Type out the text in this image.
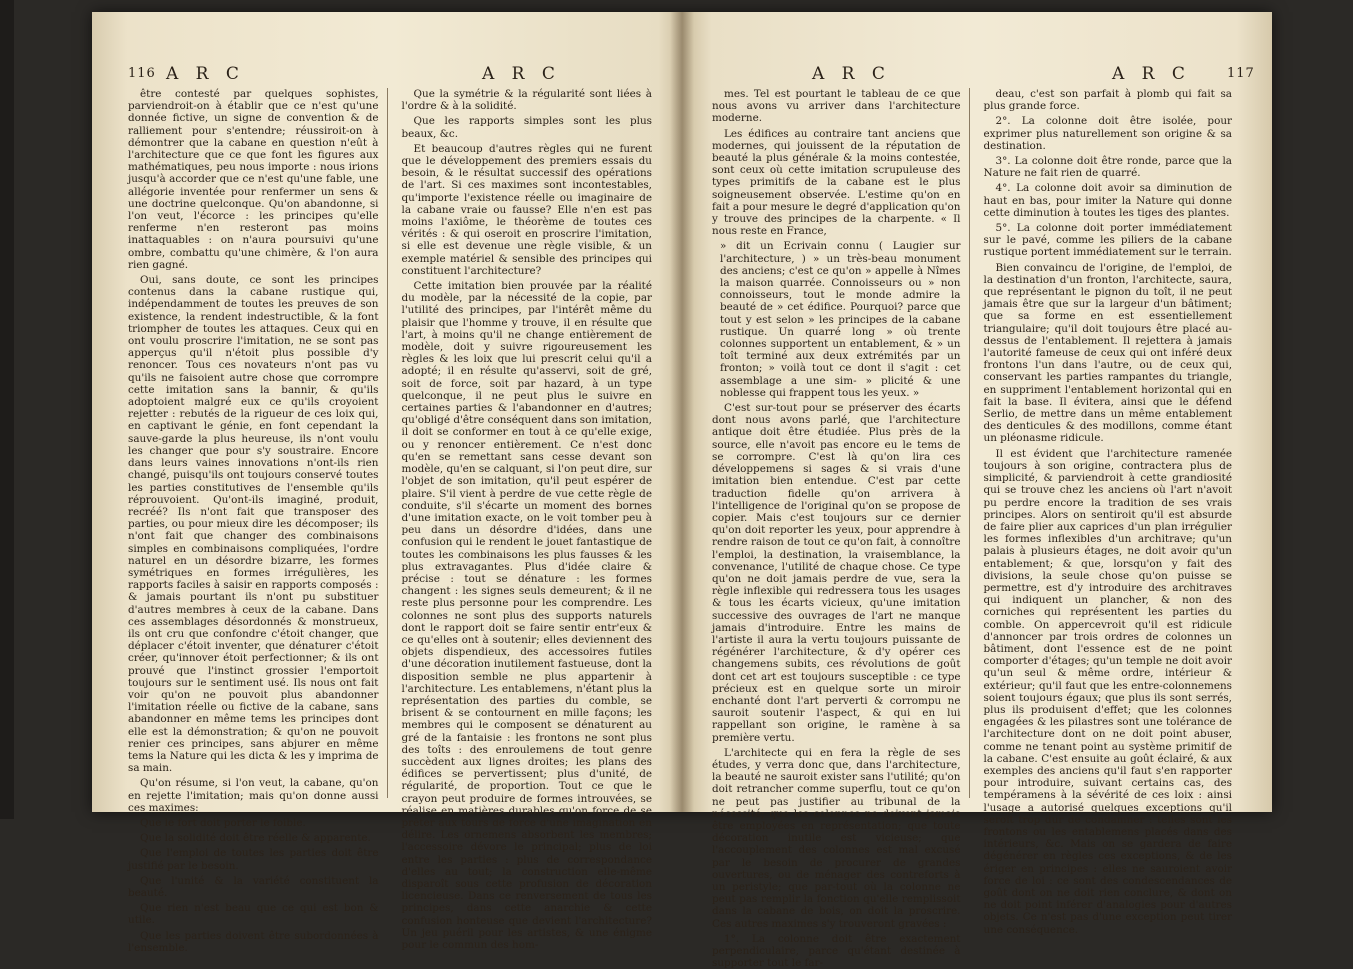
116 A R C	A R C

être contesté par quelques sophistes, parviendroit-on à établir que ce n'est qu'une donnée fictive, un signe de convention & de ralliement pour s'entendre; réussiroit-on à démontrer que la cabane en question n'eût à l'architecture que ce que font les figures aux mathématiques, peu nous importe : nous irions jusqu'à accorder que ce n'est qu'une fable, une allégorie inventée pour renfermer un sens & une doctrine quelconque. Qu'on abandonne, si l'on veut, l'écorce : les principes qu'elle renferme n'en resteront pas moins inattaquables : on n'aura poursuivi qu'une ombre, combattu qu'une chimère, & l'on aura rien gagné.

Oui, sans doute, ce sont les principes contenus dans la cabane rustique qui, indépendamment de toutes les preuves de son existence, la rendent indestructible, & la font triompher de toutes les attaques. Ceux qui en ont voulu proscrire l'imitation, ne se sont pas apperçus qu'il n'étoit plus possible d'y renoncer. Tous ces novateurs n'ont pas vu qu'ils ne faisoient autre chose que corrompre cette imitation sans la bannir, & qu'ils adoptoient malgré eux ce qu'ils croyoient rejetter : rebutés de la rigueur de ces loix qui, en captivant le génie, en font cependant la sauve-garde la plus heureuse, ils n'ont voulu les changer que pour s'y soustraire. Encore dans leurs vaines innovations n'ont-ils rien changé, puisqu'ils ont toujours conservé toutes les parties constitutives de l'ensemble qu'ils réprouvoient. Qu'ont-ils imaginé, produit, recréé? Ils n'ont fait que transposer des parties, ou pour mieux dire les décomposer; ils n'ont fait que changer des combinaisons simples en combinaisons compliquées, l'ordre naturel en un désordre bizarre, les formes symétriques en formes irrégulières, les rapports faciles à saisir en rapports composés : & jamais pourtant ils n'ont pu substituer d'autres membres à ceux de la cabane. Dans ces assemblages désordonnés & monstrueux, ils ont cru que confondre c'étoit changer, que déplacer c'étoit inventer, que dénaturer c'étoit créer, qu'innover étoit perfectionner; & ils ont prouvé que l'instinct grossier l'emportoit toujours sur le sentiment usé. Ils nous ont fait voir qu'on ne pouvoit plus abandonner l'imitation réelle ou fictive de la cabane, sans abandonner en même tems les principes dont elle est la démonstration; & qu'on ne pouvoit renier ces principes, sans abjurer en même tems la Nature qui les dicta & les y imprima de sa main.

Qu'on résume, si l'on veut, la cabane, qu'on en rejette l'imitation; mais qu'on donne aussi ces maximes:

Que le fort doit porter le foible.

Que la solidité doit être réelle & apparente.

Que l'emploi de toutes les parties doit être justifié par le besoin.

Que l'unité & la variété constituent la beauté.

Que rien n'est beau que ce qui est bon & utile.

Que les parties doivent être subordonnées à l'ensemble.

Que la symétrie & la régularité sont liées à l'ordre & à la solidité.

Que les rapports simples sont les plus beaux, &c.

Et beaucoup d'autres règles qui ne furent que le développement des premiers essais du besoin, & le résultat successif des opérations de l'art. Si ces maximes sont incontestables, qu'importe l'existence réelle ou imaginaire de la cabane vraie ou fausse? Elle n'en est pas moins l'axiôme, le théorème de toutes ces vérités : & qui oseroit en proscrire l'imitation, si elle est devenue une règle visible, & un exemple matériel & sensible des principes qui constituent l'architecture?

Cette imitation bien prouvée par la réalité du modèle, par la nécessité de la copie, par l'utilité des principes, par l'intérêt même du plaisir que l'homme y trouve, il en résulte que l'art, à moins qu'il ne change entièrement de modèle, doit y suivre rigoureusement les règles & les loix que lui prescrit celui qu'il a adopté; il en résulte qu'asservi, soit de gré, soit de force, soit par hazard, à un type quelconque, il ne peut plus le suivre en certaines parties & l'abandonner en d'autres; qu'obligé d'être conséquent dans son imitation, il doit se conformer en tout à ce qu'elle exige, ou y renoncer entièrement. Ce n'est donc qu'en se remettant sans cesse devant son modèle, qu'en se calquant, si l'on peut dire, sur l'objet de son imitation, qu'il peut espérer de plaire. S'il vient à perdre de vue cette règle de conduite, s'il s'écarte un moment des bornes d'une imitation exacte, on le voit tomber peu à peu dans un désordre d'idées, dans une confusion qui le rendent le jouet fantastique de toutes les combinaisons les plus fausses & les plus extravagantes. Plus d'idée claire & précise : tout se dénature : les formes changent : les signes seuls demeurent; & il ne reste plus personne pour les comprendre. Les colonnes ne sont plus des supports naturels dont le rapport doit se faire sentir entr'eux & ce qu'elles ont à soutenir; elles deviennent des objets dispendieux, des accessoires futiles d'une décoration inutilement fastueuse, dont la disposition semble ne plus appartenir à l'architecture. Les entablemens, n'étant plus la représentation des parties du comble, se brisent & se contournent en mille façons; les membres qui le composent se dénaturent au gré de la fantaisie : les frontons ne sont plus des toîts : des enroulemens de tout genre succèdent aux lignes droites; les plans des édifices se pervertissent; plus d'unité, de régularité, de proportion. Tout ce que le crayon peut produire de formes introuvées, se réalise en matières durables qu'on force de se prêter aux tours de force d'une imagination en délire. Les ornemens absorbent les membres; l'accessoire dévore le principal; plus de loi entre les parties : plus de correspondance d'elles au tout; la construction elle-même disparoît sous cette profusion de décoration licencieuse. Dans ce renversement de tous les principes, dans cette anarchie & cette confusion honteuse que devient l'architecture? Un jeu puéril pour les artistes, & une énigme pour le commun des hom-

A R C	A R C	117

mes. Tel est pourtant le tableau de ce que nous avons vu arriver dans l'architecture moderne.

Les édifices au contraire tant anciens que modernes, qui jouissent de la réputation de beauté la plus générale & la moins contestée, sont ceux où cette imitation scrupuleuse des types primitifs de la cabane est le plus soigneusement observée. L'estime qu'on en fait a pour mesure le degré d'application qu'on y trouve des principes de la charpente. « Il nous reste en France,

» dit un Ecrivain connu ( Laugier sur l'architecture, ) » un très-beau monument des anciens; c'est ce qu'on » appelle à Nîmes la maison quarrée. Connoisseurs ou » non connoisseurs, tout le monde admire la beauté de » cet édifice. Pourquoi? parce que tout y est selon » les principes de la cabane rustique. Un quarré long » où trente colonnes supportent un entablement, & » un toît terminé aux deux extrémités par un fronton; » voilà tout ce dont il s'agit : cet assemblage a une sim- » plicité & une noblesse qui frappent tous les yeux. »

C'est sur-tout pour se préserver des écarts dont nous avons parlé, que l'architecture antique doit être étudiée. Plus près de la source, elle n'avoit pas encore eu le tems de se corrompre. C'est là qu'on lira ces développemens si sages & si vrais d'une imitation bien entendue. C'est par cette traduction fidelle qu'on arrivera à l'intelligence de l'original qu'on se propose de copier. Mais c'est toujours sur ce dernier qu'on doit reporter les yeux, pour apprendre à rendre raison de tout ce qu'on fait, à connoître l'emploi, la destination, la vraisemblance, la convenance, l'utilité de chaque chose. Ce type qu'on ne doit jamais perdre de vue, sera la règle inflexible qui redressera tous les usages & tous les écarts vicieux, qu'une imitation successive des ouvrages de l'art ne manque jamais d'introduire. Entre les mains de l'artiste il aura la vertu toujours puissante de régénérer l'architecture, & d'y opérer ces changemens subits, ces révolutions de goût dont cet art est toujours susceptible : ce type précieux est en quelque sorte un miroir enchanté dont l'art perverti & corrompu ne sauroit soutenir l'aspect, & qui en lui rappellant son origine, le ramène à sa première vertu.

L'architecte qui en fera la règle de ses études, y verra donc que, dans l'architecture, la beauté ne sauroit exister sans l'utilité; qu'on doit retrancher comme superflu, tout ce qu'on ne peut pas justifier au tribunal de la nécessité; que les colonnes ne doivent jamais être employées en représentation; que toute décoration inutile est vicieuse; que l'accouplement des colonnes est mal excusé par le besoin de procurer de grandes ouvertures, ou de ménager des contreforts à un peristyle; que par-tout où la colonne ne peut pas remplir la fonction qu'elle remplissoit dans la cabane de bois, on doit la proscrire. Ces autres maximes s'y trouveront gravées :

1°. La colonne doit être exactement perpendiculaire, parce qu'étant destinée à supporter tout le far-

deau, c'est son parfait à plomb qui fait sa plus grande force.

2°. La colonne doit être isolée, pour exprimer plus naturellement son origine & sa destination.

3°. La colonne doit être ronde, parce que la Nature ne fait rien de quarré.

4°. La colonne doit avoir sa diminution de haut en bas, pour imiter la Nature qui donne cette diminution à toutes les tiges des plantes.

5°. La colonne doit porter immédiatement sur le pavé, comme les piliers de la cabane rustique portent immédiatement sur le terrain.

Bien convaincu de l'origine, de l'emploi, de la destination d'un fronton, l'architecte, saura, que représentant le pignon du toît, il ne peut jamais être que sur la largeur d'un bâtiment; que sa forme en est essentiellement triangulaire; qu'il doit toujours être placé au-dessus de l'entablement. Il rejettera à jamais l'autorité fameuse de ceux qui ont inféré deux frontons l'un dans l'autre, ou de ceux qui, conservant les parties rampantes du triangle, en suppriment l'entablement horizontal qui en fait la base. Il évitera, ainsi que le défend Serlio, de mettre dans un même entablement des denticules & des modillons, comme étant un pléonasme ridicule.

Il est évident que l'architecture ramenée toujours à son origine, contractera plus de simplicité, & parviendroit à cette grandiosité qui se trouve chez les anciens où l'art n'avoit pu perdre encore la tradition de ses vrais principes. Alors on sentiroit qu'il est absurde de faire plier aux caprices d'un plan irrégulier les formes inflexibles d'un architrave; qu'un palais à plusieurs étages, ne doit avoir qu'un entablement; & que, lorsqu'on y fait des divisions, la seule chose qu'on puisse se permettre, est d'y introduire des architraves qui indiquent un plancher, & non des corniches qui représentent les parties du comble. On appercevroit qu'il est ridicule d'annoncer par trois ordres de colonnes un bâtiment, dont l'essence est de ne point comporter d'étages; qu'un temple ne doit avoir qu'un seul & même ordre, intérieur & extérieur; qu'il faut que les entre-colonnemens soient toujours égaux; que plus ils sont serrés, plus ils produisent d'effet; que les colonnes engagées & les pilastres sont une tolérance de l'architecture dont on ne doit point abuser, comme ne tenant point au système primitif de la cabane. C'est ensuite au goût éclairé, & aux exemples des anciens qu'il faut s'en rapporter pour introduire, suivant certains cas, des tempéramens à la sévérité de ces loix : ainsi l'usage a autorisé quelques exceptions qu'il seroit trop dur de condamner : telles sont les frontons ou les entablemens placés dans des intérieurs, &c. Mais on se gardera de faire dégénérer en règles ces exceptions, & de les ériger en principes : elles ne sauroient avoir force de loi : ce sont des condescendances de goût dont on ne doit rien conclure, & dont on ne doit point inférer d'analogies pour d'autres objets. Ce n'est pas d'une exception peut tirer une conséquence.
